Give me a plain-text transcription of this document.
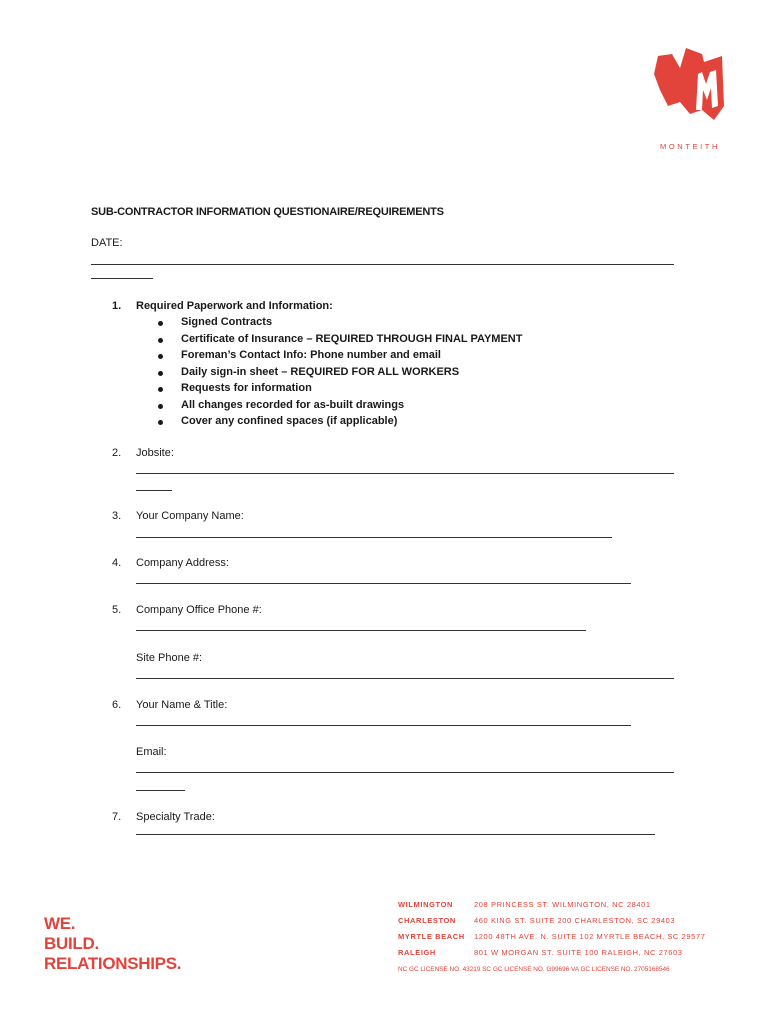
MONTEITH
SUB-CONTRACTOR INFORMATION QUESTIONAIRE/REQUIREMENTS
DATE:
1. Required Paperwork and Information:
Signed Contracts
Certificate of Insurance – REQUIRED THROUGH FINAL PAYMENT
Foreman’s Contact Info: Phone number and email
Daily sign-in sheet – REQUIRED FOR ALL WORKERS
Requests for information
All changes recorded for as-built drawings
Cover any confined spaces (if applicable)
2. Jobsite:
3. Your Company Name:
4. Company Address:
5. Company Office Phone #:
Site Phone #:
6. Your Name & Title:
Email:
7. Specialty Trade:
WE.
BUILD.
RELATIONSHIPS.
WILMINGTON	208 PRINCESS ST. WILMINGTON, NC 28401
CHARLESTON 460 KING ST. SUITE 200 CHARLESTON, SC 29403
MYRTLE BEACH 1200 48TH AVE. N. SUITE 102 MYRTLE BEACH, SC 29577
RALEIGH	801 W MORGAN ST. SUITE 100 RALEIGH, NC 27603
NC GC LICENSE NO. 43219 SC GC LICENSE NO. G99696 VA GC LICENSE NO. 2705168546
